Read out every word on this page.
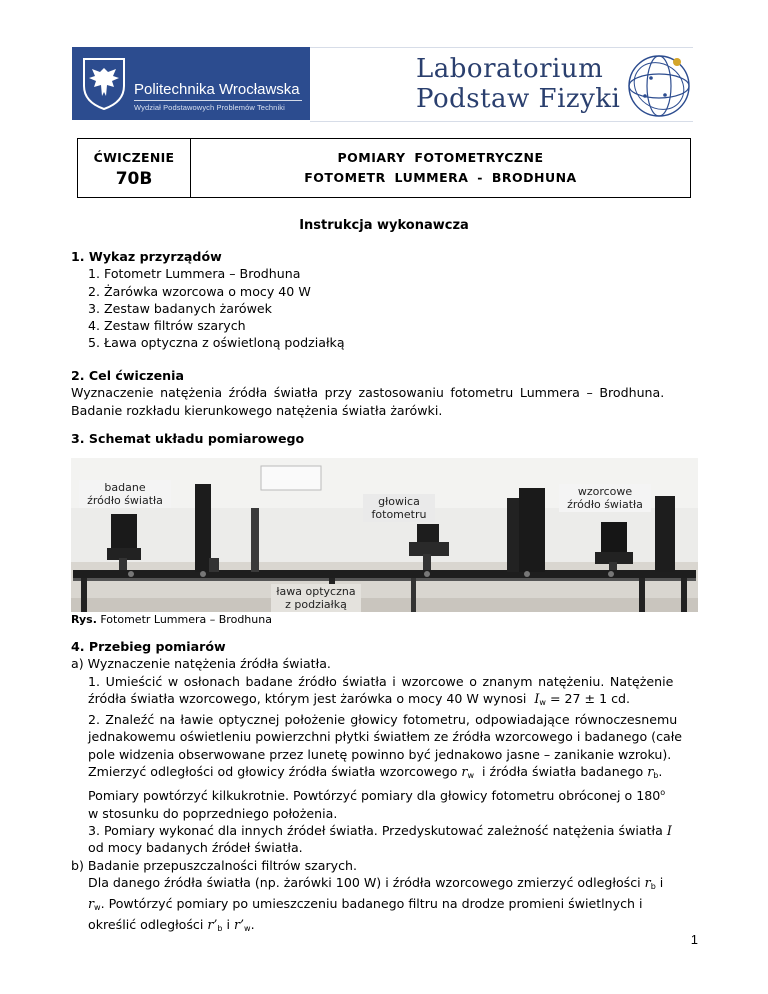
Politechnika Wrocławska
Wydział Podstawowych Problemów Techniki
Laboratorium
Podstaw Fizyki
ĆWICZENIE
70B
POMIARY FOTOMETRYCZNE
FOTOMETR LUMMERA - BRODHUNA
Instrukcja wykonawcza
1. Wykaz przyrządów
1. Fotometr Lummera – Brodhuna
2. Żarówka wzorcowa o mocy 40 W
3. Zestaw badanych żarówek
4. Zestaw filtrów szarych
5. Ława optyczna z oświetloną podziałką
2. Cel ćwiczenia
Wyznaczenie natężenia źródła światła przy zastosowaniu fotometru Lummera – Brodhuna.
Badanie rozkładu kierunkowego natężenia światła żarówki.
3. Schemat układu pomiarowego
badane
źródło światła	głowica
fotometru
wzorcowe
źródło światła
ława optyczna
z podziałką
Rys. Fotometr Lummera – Brodhuna
4. Przebieg pomiarów
a) Wyznaczenie natężenia źródła światła.
1. Umieścić w osłonach badane źródło światła i wzorcowe o znanym natężeniu. Natężenie
źródła światła wzorcowego, którym jest żarówka o mocy 40 W wynosi $I_w = 27 \pm 1$ cd.
2. Znaleźć na ławie optycznej położenie głowicy fotometru, odpowiadające równoczesnemu
jednakowemu oświetleniu powierzchni płytki światłem ze źródła wzorcowego i badanego (całe
pole widzenia obserwowane przez lunetę powinno być jednakowo jasne – zanikanie wzroku).
Zmierzyć odległości od głowicy źródła światła wzorcowego $r_w$ i źródła światła badanego $r_b$.
Pomiary powtórzyć kilkukrotnie. Powtórzyć pomiary dla głowicy fotometru obróconej o 180$^o$
w stosunku do poprzedniego położenia.
3. Pomiary wykonać dla innych źródeł światła. Przedyskutować zależność natężenia światła I
od mocy badanych źródeł światła.
b) Badanie przepuszczalności filtrów szarych.
Dla danego źródła światła (np. żarówki 100 W) i źródła wzorcowego zmierzyć odległości $r_b$ i
$r_w$. Powtórzyć pomiary po umieszczeniu badanego filtru na drodze promieni świetlnych i
określić odległości $r’_b$ i $r’_w$.
1
